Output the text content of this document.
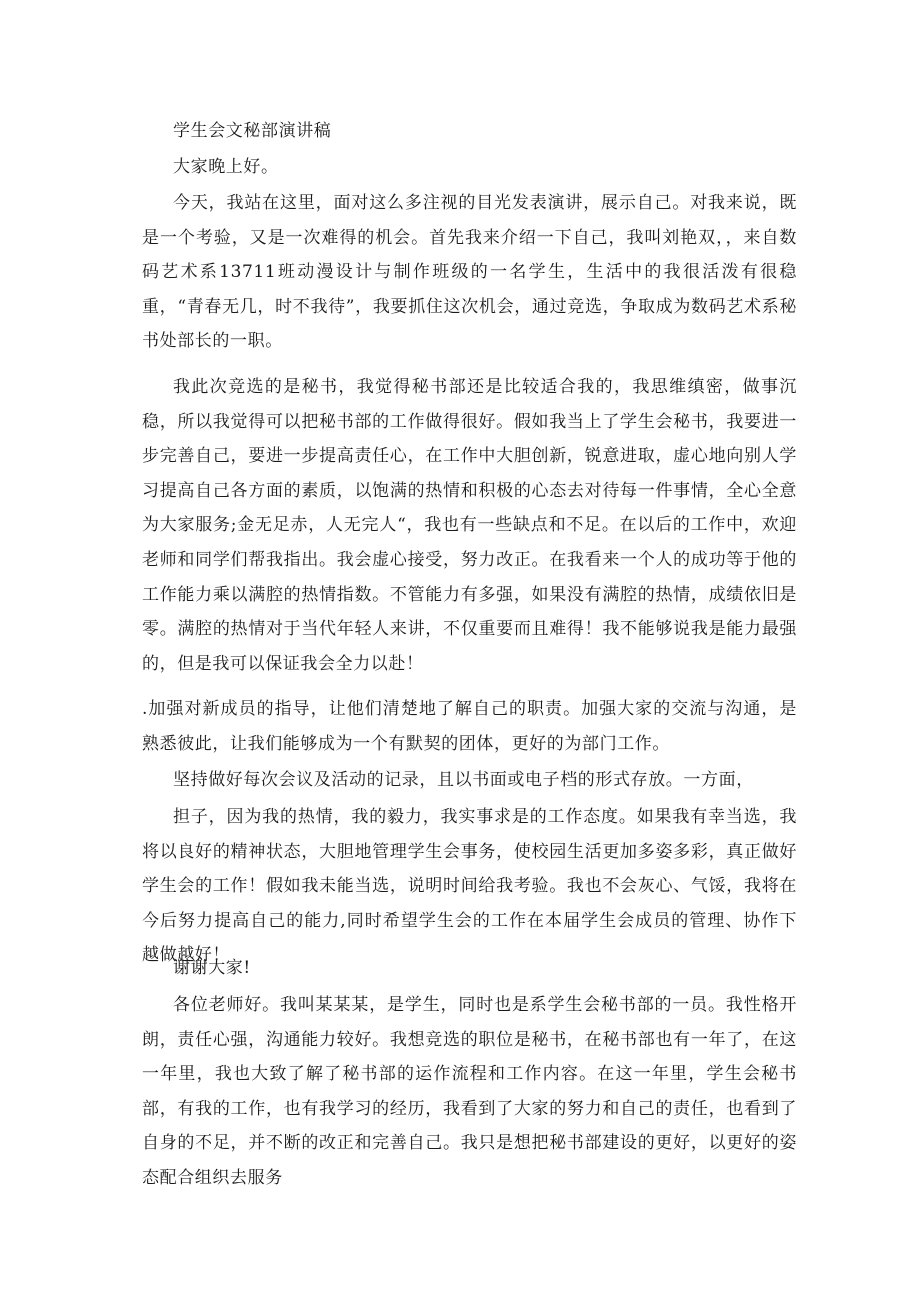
学生会文秘部演讲稿

大家晚上好。

今天，我站在这里，面对这么多注视的目光发表演讲，展示自己。对我来说，既是一个考验，又是一次难得的机会。首先我来介绍一下自己，我叫刘艳双，，来自数码艺术系13711班动漫设计与制作班级的一名学生，生活中的我很活泼有很稳重，“青春无几，时不我待”，我要抓住这次机会，通过竞选，争取成为数码艺术系秘书处部长的一职。

我此次竞选的是秘书，我觉得秘书部还是比较适合我的，我思维缜密，做事沉稳，所以我觉得可以把秘书部的工作做得很好。假如我当上了学生会秘书，我要进一步完善自己，要进一步提高责任心，在工作中大胆创新，锐意进取，虚心地向别人学习提高自己各方面的素质，以饱满的热情和积极的心态去对待每一件事情，全心全意为大家服务;金无足赤，人无完人“，我也有一些缺点和不足。在以后的工作中，欢迎老师和同学们帮我指出。我会虚心接受，努力改正。在我看来一个人的成功等于他的工作能力乘以满腔的热情指数。不管能力有多强，如果没有满腔的热情，成绩依旧是零。满腔的热情对于当代年轻人来讲，不仅重要而且难得！我不能够说我是能力最强的，但是我可以保证我会全力以赴！

.加强对新成员的指导，让他们清楚地了解自己的职责。加强大家的交流与沟通，是熟悉彼此，让我们能够成为一个有默契的团体，更好的为部门工作。

坚持做好每次会议及活动的记录，且以书面或电子档的形式存放。一方面，

担子，因为我的热情，我的毅力，我实事求是的工作态度。如果我有幸当选，我将以良好的精神状态，大胆地管理学生会事务，使校园生活更加多姿多彩，真正做好学生会的工作！假如我未能当选，说明时间给我考验。我也不会灰心、气馁，我将在今后努力提高自己的能力,同时希望学生会的工作在本届学生会成员的管理、协作下越做越好！

谢谢大家!

各位老师好。我叫某某某，是学生，同时也是系学生会秘书部的一员。我性格开朗，责任心强，沟通能力较好。我想竞选的职位是秘书，在秘书部也有一年了，在这一年里，我也大致了解了秘书部的运作流程和工作内容。在这一年里，学生会秘书部，有我的工作，也有我学习的经历，我看到了大家的努力和自己的责任，也看到了自身的不足，并不断的改正和完善自己。我只是想把秘书部建设的更好，以更好的姿态配合组织去服务
